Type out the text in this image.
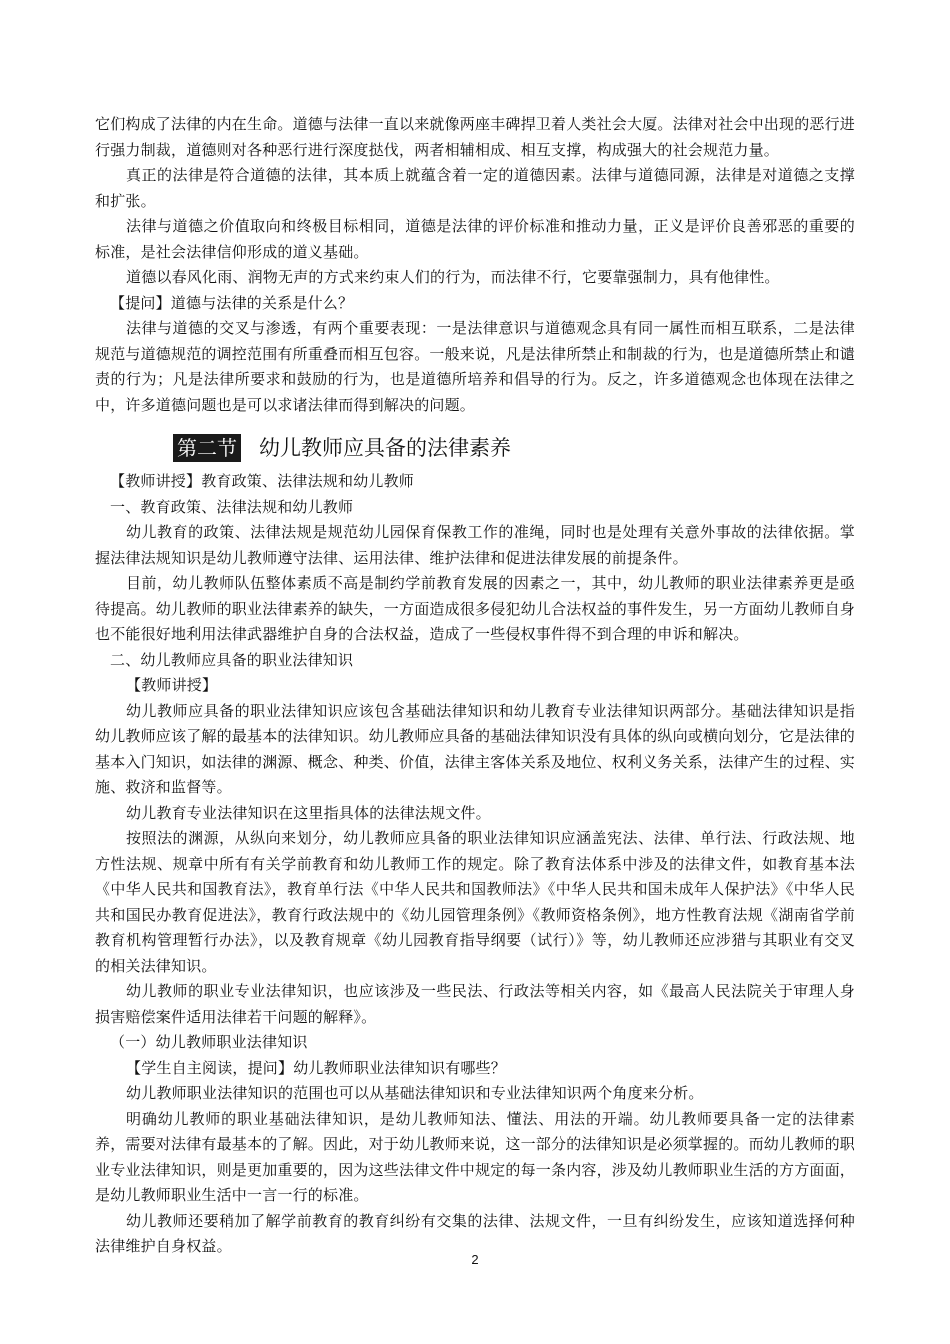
它们构成了法律的内在生命。道德与法律一直以来就像两座丰碑捍卫着人类社会大厦。法律对社会中出现的恶行进行强力制裁，道德则对各种恶行进行深度挞伐，两者相辅相成、相互支撑，构成强大的社会规范力量。

真正的法律是符合道德的法律，其本质上就蕴含着一定的道德因素。法律与道德同源，法律是对道德之支撑和扩张。

法律与道德之价值取向和终极目标相同，道德是法律的评价标准和推动力量，正义是评价良善邪恶的重要的标准，是社会法律信仰形成的道义基础。

道德以春风化雨、润物无声的方式来约束人们的行为，而法律不行，它要靠强制力，具有他律性。

【提问】道德与法律的关系是什么？

法律与道德的交叉与渗透，有两个重要表现：一是法律意识与道德观念具有同一属性而相互联系，二是法律规范与道德规范的调控范围有所重叠而相互包容。一般来说，凡是法律所禁止和制裁的行为，也是道德所禁止和谴责的行为；凡是法律所要求和鼓励的行为，也是道德所培养和倡导的行为。反之，许多道德观念也体现在法律之中，许多道德问题也是可以求诸法律而得到解决的问题。

第二节 幼儿教师应具备的法律素养

【教师讲授】教育政策、法律法规和幼儿教师

一、教育政策、法律法规和幼儿教师

幼儿教育的政策、法律法规是规范幼儿园保育保教工作的准绳，同时也是处理有关意外事故的法律依据。掌握法律法规知识是幼儿教师遵守法律、运用法律、维护法律和促进法律发展的前提条件。

目前，幼儿教师队伍整体素质不高是制约学前教育发展的因素之一，其中，幼儿教师的职业法律素养更是亟待提高。幼儿教师的职业法律素养的缺失，一方面造成很多侵犯幼儿合法权益的事件发生，另一方面幼儿教师自身也不能很好地利用法律武器维护自身的合法权益，造成了一些侵权事件得不到合理的申诉和解决。

二、幼儿教师应具备的职业法律知识

【教师讲授】

幼儿教师应具备的职业法律知识应该包含基础法律知识和幼儿教育专业法律知识两部分。基础法律知识是指幼儿教师应该了解的最基本的法律知识。幼儿教师应具备的基础法律知识没有具体的纵向或横向划分，它是法律的基本入门知识，如法律的渊源、概念、种类、价值，法律主客体关系及地位、权利义务关系，法律产生的过程、实施、救济和监督等。

幼儿教育专业法律知识在这里指具体的法律法规文件。

按照法的渊源，从纵向来划分，幼儿教师应具备的职业法律知识应涵盖宪法、法律、单行法、行政法规、地方性法规、规章中所有有关学前教育和幼儿教师工作的规定。除了教育法体系中涉及的法律文件，如教育基本法《中华人民共和国教育法》，教育单行法《中华人民共和国教师法》《中华人民共和国未成年人保护法》《中华人民共和国民办教育促进法》，教育行政法规中的《幼儿园管理条例》《教师资格条例》，地方性教育法规《湖南省学前教育机构管理暂行办法》，以及教育规章《幼儿园教育指导纲要（试行）》等，幼儿教师还应涉猎与其职业有交叉的相关法律知识。

幼儿教师的职业专业法律知识，也应该涉及一些民法、行政法等相关内容，如《最高人民法院关于审理人身损害赔偿案件适用法律若干问题的解释》。

（一）幼儿教师职业法律知识

【学生自主阅读，提问】幼儿教师职业法律知识有哪些？

幼儿教师职业法律知识的范围也可以从基础法律知识和专业法律知识两个角度来分析。

明确幼儿教师的职业基础法律知识，是幼儿教师知法、懂法、用法的开端。幼儿教师要具备一定的法律素养，需要对法律有最基本的了解。因此，对于幼儿教师来说，这一部分的法律知识是必须掌握的。而幼儿教师的职业专业法律知识，则是更加重要的，因为这些法律文件中规定的每一条内容，涉及幼儿教师职业生活的方方面面，是幼儿教师职业生活中一言一行的标准。

幼儿教师还要稍加了解学前教育的教育纠纷有交集的法律、法规文件，一旦有纠纷发生，应该知道选择何种法律维护自身权益。

2
